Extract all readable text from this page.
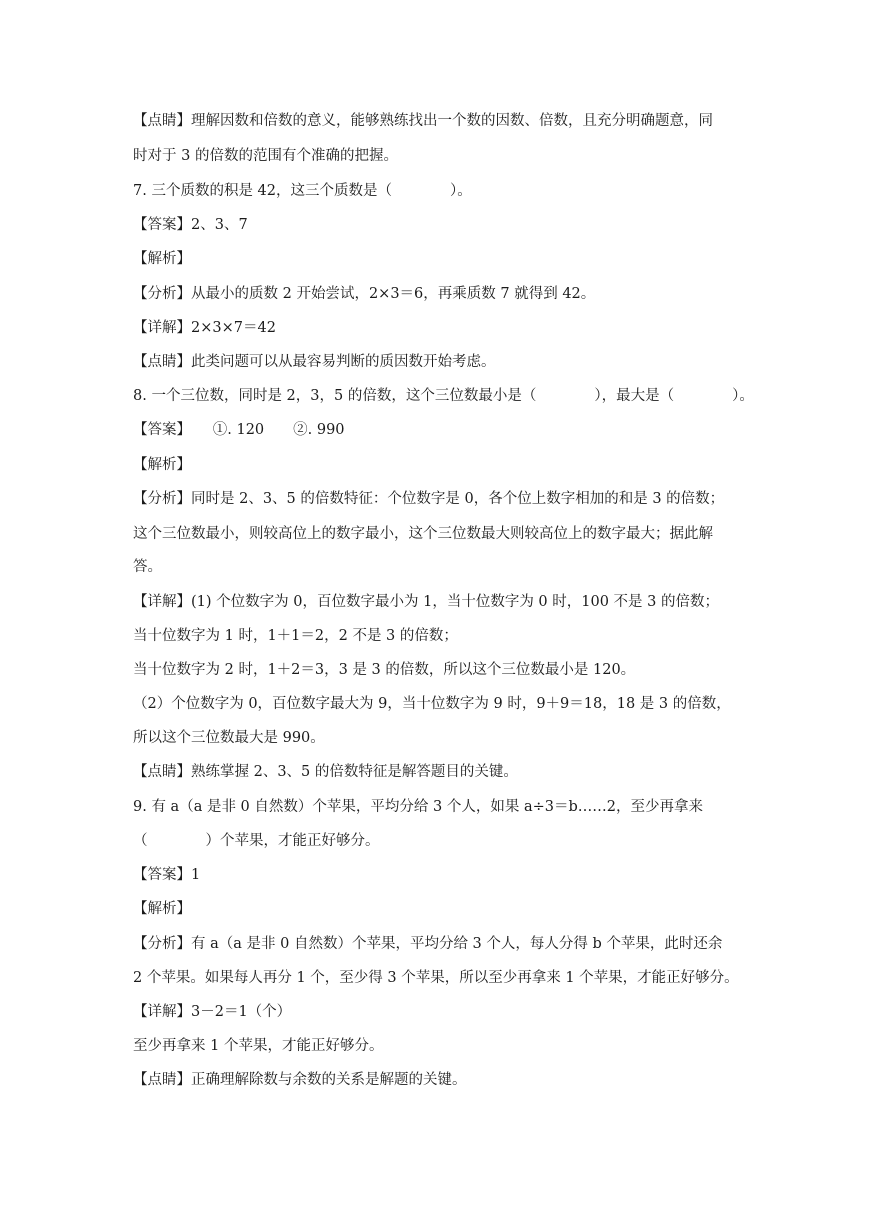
【点睛】理解因数和倍数的意义，能够熟练找出一个数的因数、倍数，且充分明确题意，同
时对于 3 的倍数的范围有个准确的把握。
7. 三个质数的积是 42，这三个质数是（　　　　）。
【答案】2、3、7
【解析】
【分析】从最小的质数 2 开始尝试，2×3＝6，再乘质数 7 就得到 42。
【详解】2×3×7＝42
【点睛】此类问题可以从最容易判断的质因数开始考虑。
8. 一个三位数，同时是 2，3，5 的倍数，这个三位数最小是（　　　　），最大是（　　　　）。
【答案】　　①. 120　　②. 990
【解析】
【分析】同时是 2、3、5 的倍数特征：个位数字是 0，各个位上数字相加的和是 3 的倍数；
这个三位数最小，则较高位上的数字最小，这个三位数最大则较高位上的数字最大；据此解
答。
【详解】(1) 个位数字为 0，百位数字最小为 1，当十位数字为 0 时，100 不是 3 的倍数；
当十位数字为 1 时，1＋1＝2，2 不是 3 的倍数；
当十位数字为 2 时，1＋2＝3，3 是 3 的倍数，所以这个三位数最小是 120。
（2）个位数字为 0，百位数字最大为 9，当十位数字为 9 时，9＋9＝18，18 是 3 的倍数，
所以这个三位数最大是 990。
【点睛】熟练掌握 2、3、5 的倍数特征是解答题目的关键。
9. 有 a（a 是非 0 自然数）个苹果，平均分给 3 个人，如果 a÷3＝b……2，至少再拿来
（　　　　）个苹果，才能正好够分。
【答案】1
【解析】
【分析】有 a（a 是非 0 自然数）个苹果，平均分给 3 个人，每人分得 b 个苹果，此时还余
2 个苹果。如果每人再分 1 个，至少得 3 个苹果，所以至少再拿来 1 个苹果，才能正好够分。
【详解】3－2＝1（个）
至少再拿来 1 个苹果，才能正好够分。
【点睛】正确理解除数与余数的关系是解题的关键。
